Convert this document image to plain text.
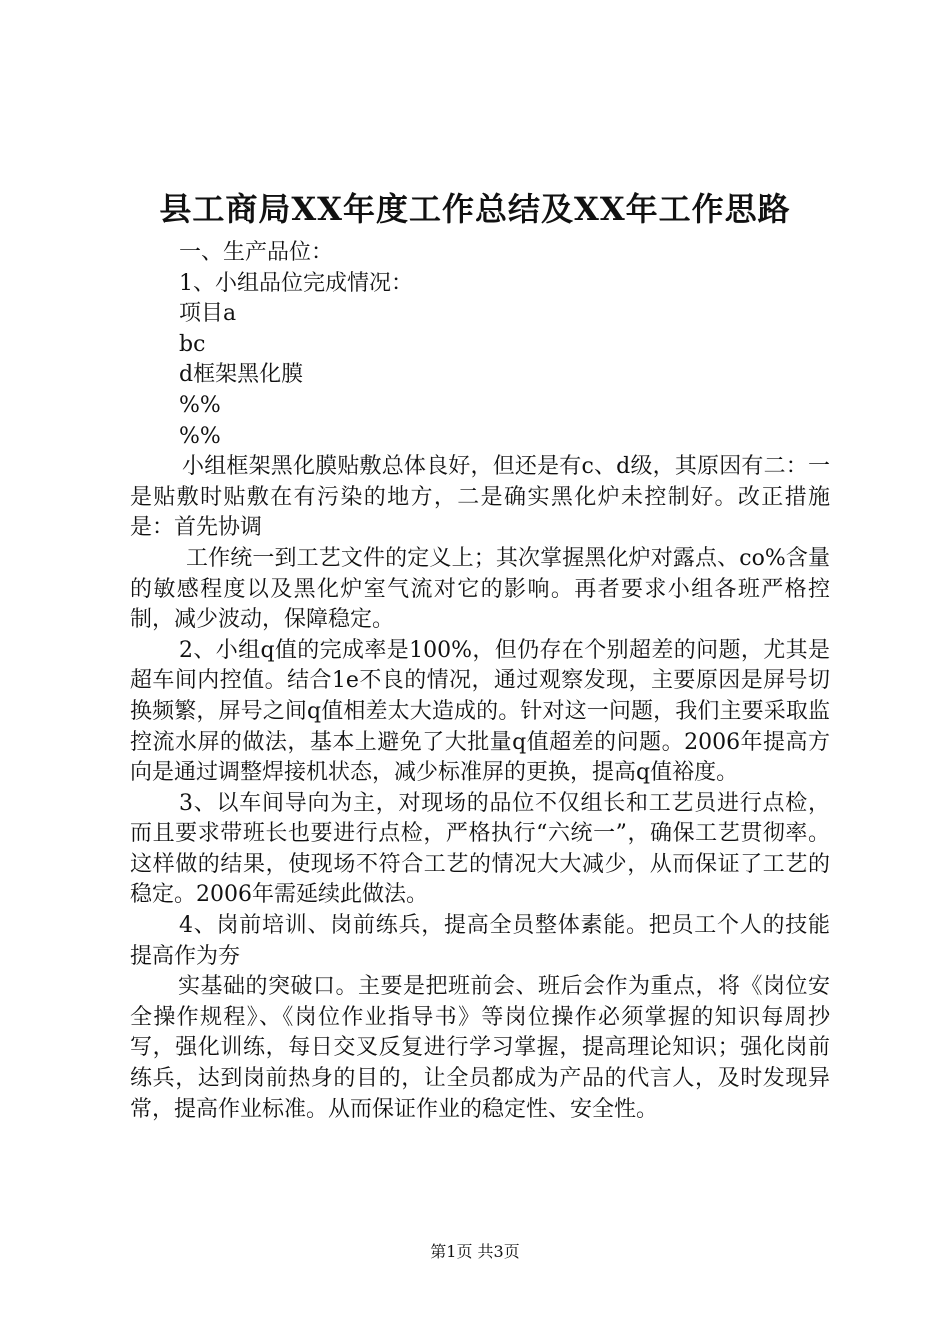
县工商局XX年度工作总结及XX年工作思路

一、生产品位：

1、小组品位完成情况：

项目a

bc

d框架黑化膜

%%

%%

小组框架黑化膜贴敷总体良好，但还是有c、d级，其原因有二：一是贴敷时贴敷在有污染的地方，二是确实黑化炉未控制好。改正措施是：首先协调

工作统一到工艺文件的定义上；其次掌握黑化炉对露点、co%含量的敏感程度以及黑化炉室气流对它的影响。再者要求小组各班严格控制，减少波动，保障稳定。

2、小组q值的完成率是100%，但仍存在个别超差的问题，尤其是超车间内控值。结合1e不良的情况，通过观察发现，主要原因是屏号切换频繁，屏号之间q值相差太大造成的。针对这一问题，我们主要采取监控流水屏的做法，基本上避免了大批量q值超差的问题。2006年提高方向是通过调整焊接机状态，减少标准屏的更换，提高q值裕度。

3、以车间导向为主，对现场的品位不仅组长和工艺员进行点检，而且要求带班长也要进行点检，严格执行“六统一”，确保工艺贯彻率。这样做的结果，使现场不符合工艺的情况大大减少，从而保证了工艺的稳定。2006年需延续此做法。

4、岗前培训、岗前练兵，提高全员整体素能。把员工个人的技能提高作为夯

实基础的突破口。主要是把班前会、班后会作为重点，将《岗位安全操作规程》、《岗位作业指导书》等岗位操作必须掌握的知识每周抄写，强化训练，每日交叉反复进行学习掌握，提高理论知识；强化岗前练兵，达到岗前热身的目的，让全员都成为产品的代言人，及时发现异常，提高作业标准。从而保证作业的稳定性、安全性。

第1页 共3页
